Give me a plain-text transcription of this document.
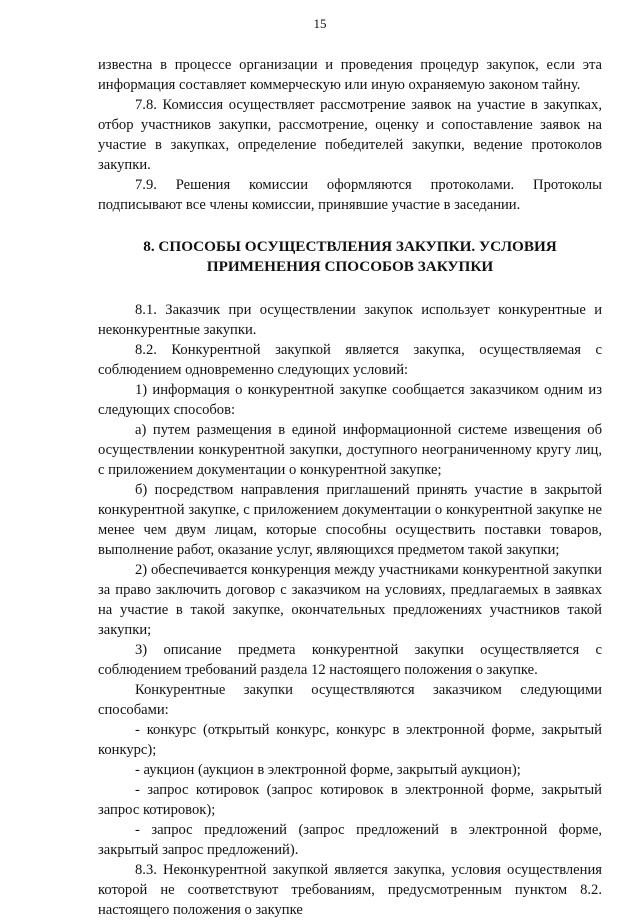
15

известна в процессе организации и проведения процедур закупок, если эта информация составляет коммерческую или иную охраняемую законом тайну.

7.8. Комиссия осуществляет рассмотрение заявок на участие в закупках, отбор участников закупки, рассмотрение, оценку и сопоставление заявок на участие в закупках, определение победителей закупки, ведение протоколов закупки.

7.9. Решения комиссии оформляются протоколами. Протоколы подписывают все члены комиссии, принявшие участие в заседании.

8. СПОСОБЫ ОСУЩЕСТВЛЕНИЯ ЗАКУПКИ. УСЛОВИЯ
ПРИМЕНЕНИЯ СПОСОБОВ ЗАКУПКИ

8.1. Заказчик при осуществлении закупок использует конкурентные и неконкурентные закупки.

8.2. Конкурентной закупкой является закупка, осуществляемая с соблюдением одновременно следующих условий:

1) информация о конкурентной закупке сообщается заказчиком одним из следующих способов:

а) путем размещения в единой информационной системе извещения об осуществлении конкурентной закупки, доступного неограниченному кругу лиц, с приложением документации о конкурентной закупке;

б) посредством направления приглашений принять участие в закрытой конкурентной закупке, с приложением документации о конкурентной закупке не менее чем двум лицам, которые способны осуществить поставки товаров, выполнение работ, оказание услуг, являющихся предметом такой закупки;

2) обеспечивается конкуренция между участниками конкурентной закупки за право заключить договор с заказчиком на условиях, предлагаемых в заявках на участие в такой закупке, окончательных предложениях участников такой закупки;

3) описание предмета конкурентной закупки осуществляется с соблюдением требований раздела 12 настоящего положения о закупке.

Конкурентные закупки осуществляются заказчиком следующими способами:

- конкурс (открытый конкурс, конкурс в электронной форме, закрытый конкурс);

- аукцион (аукцион в электронной форме, закрытый аукцион);

- запрос котировок (запрос котировок в электронной форме, закрытый запрос котировок);

- запрос предложений (запрос предложений в электронной форме, закрытый запрос предложений).

8.3. Неконкурентной закупкой является закупка, условия осуществления которой не соответствуют требованиям, предусмотренным пунктом 8.2. настоящего положения о закупке
